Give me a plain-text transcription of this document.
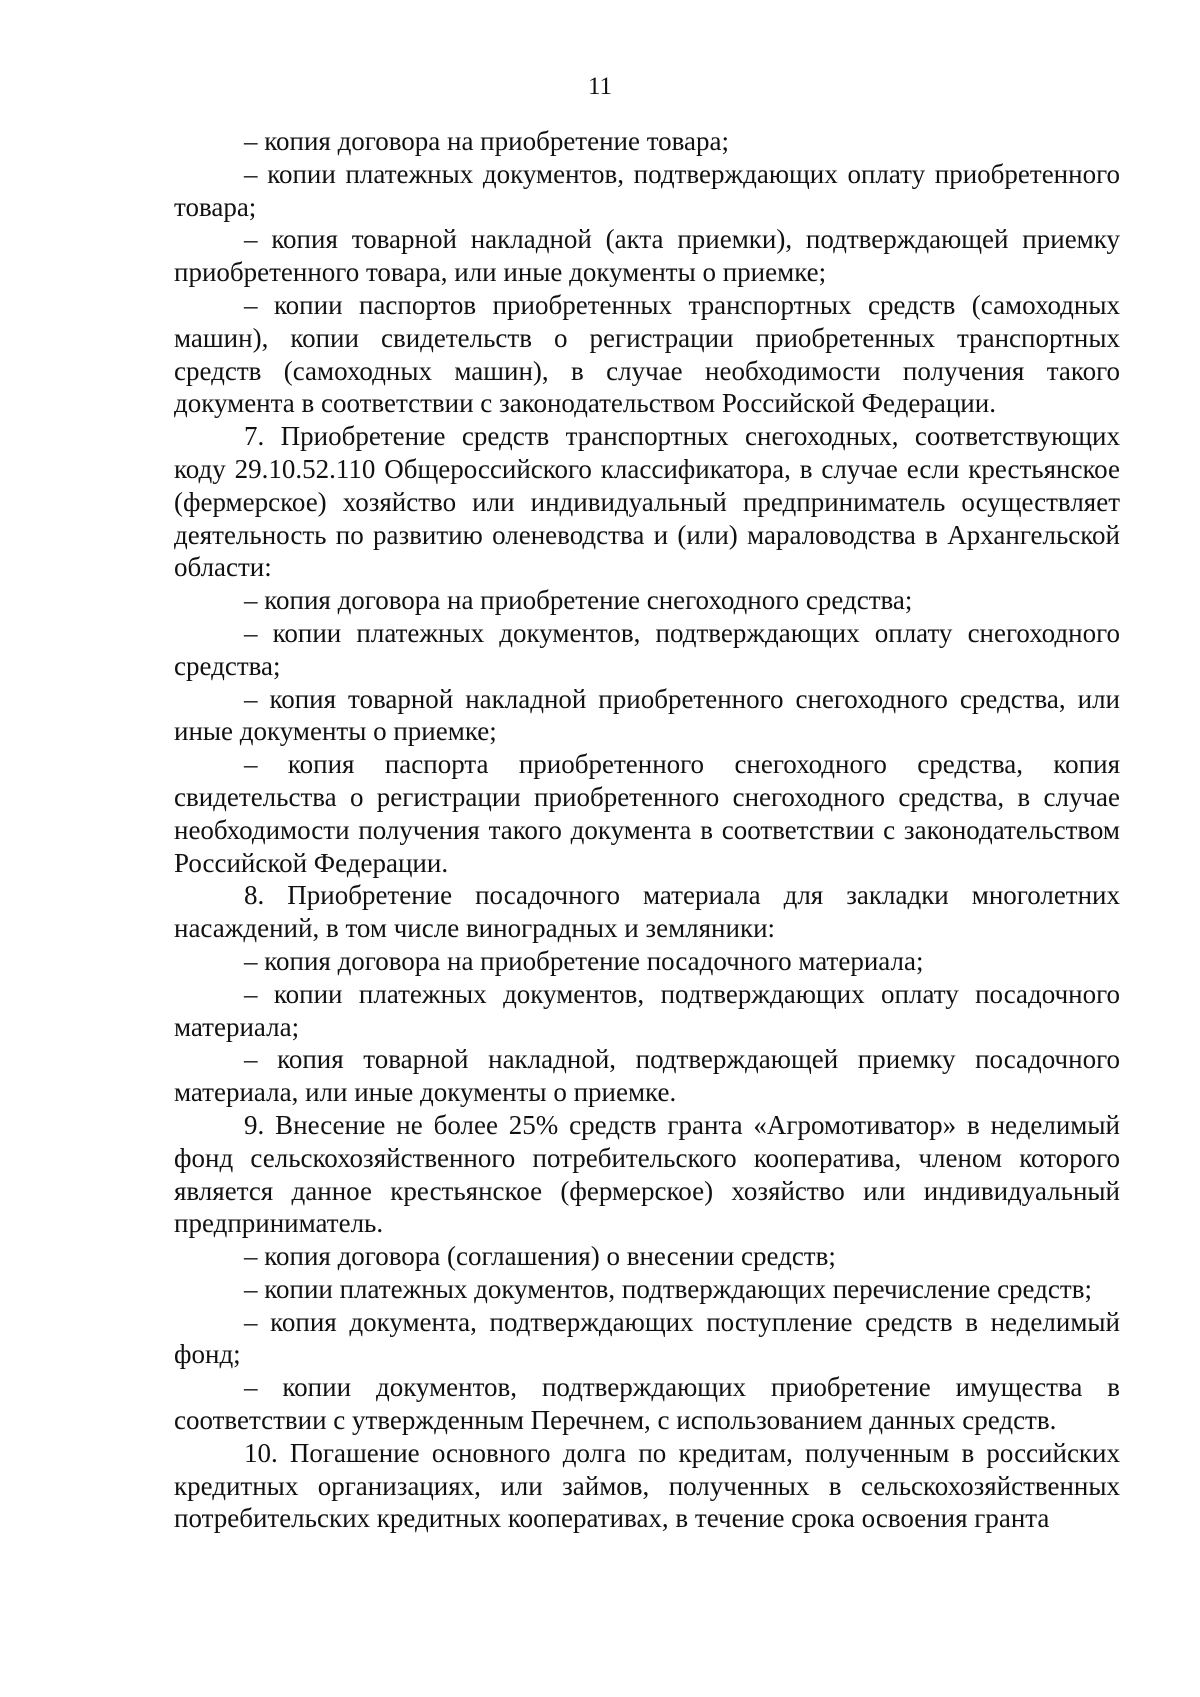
11

– копия договора на приобретение товара;

– копии платежных документов, подтверждающих оплату приобретенного товара;

– копия товарной накладной (акта приемки), подтверждающей приемку приобретенного товара, или иные документы о приемке;

– копии паспортов приобретенных транспортных средств (самоходных машин), копии свидетельств о регистрации приобретенных транспортных средств (самоходных машин), в случае необходимости получения такого документа в соответствии с законодательством Российской Федерации.

7. Приобретение средств транспортных снегоходных, соответствующих коду 29.10.52.110 Общероссийского классификатора, в случае если крестьянское (фермерское) хозяйство или индивидуальный предприниматель осуществляет деятельность по развитию оленеводства и (или) мараловодства в Архангельской области:

– копия договора на приобретение снегоходного средства;

– копии платежных документов, подтверждающих оплату снегоходного средства;

– копия товарной накладной приобретенного снегоходного средства, или иные документы о приемке;

– копия паспорта приобретенного снегоходного средства, копия свидетельства о регистрации приобретенного снегоходного средства, в случае необходимости получения такого документа в соответствии с законодательством Российской Федерации.

8. Приобретение посадочного материала для закладки многолетних насаждений, в том числе виноградных и земляники:

– копия договора на приобретение посадочного материала;

– копии платежных документов, подтверждающих оплату посадочного материала;

– копия товарной накладной, подтверждающей приемку посадочного материала, или иные документы о приемке.

9. Внесение не более 25% средств гранта «Агромотиватор» в неделимый фонд сельскохозяйственного потребительского кооператива, членом которого является данное крестьянское (фермерское) хозяйство или индивидуальный предприниматель.

– копия договора (соглашения) о внесении средств;

– копии платежных документов, подтверждающих перечисление средств;

– копия документа, подтверждающих поступление средств в неделимый фонд;

– копии документов, подтверждающих приобретение имущества в соответствии с утвержденным Перечнем, с использованием данных средств.

10. Погашение основного долга по кредитам, полученным в российских кредитных организациях, или займов, полученных в сельскохозяйственных потребительских кредитных кооперативах, в течение срока освоения гранта
